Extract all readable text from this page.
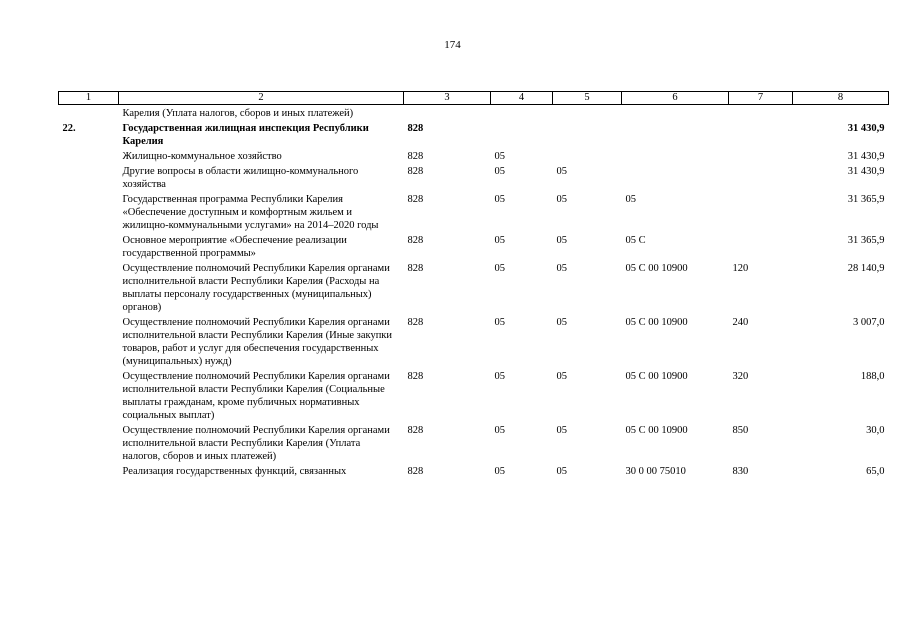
174
1	2	3	4	5	6	7	8
	Карелия (Уплата налогов, сборов и иных платежей)						
22.	Государственная жилищная инспекция Республики Карелия	828					31 430,9
	Жилищно-коммунальное хозяйство	828	05				31 430,9
	Другие вопросы в области жилищно-коммунального хозяйства	828	05	05			31 430,9
	Государственная программа Республики Карелия «Обеспечение доступным и комфортным жильем и жилищно-коммунальными услугами» на 2014–2020 годы	828	05	05	05		31 365,9
	Основное мероприятие «Обеспечение реализации государственной программы»	828	05	05	05 С		31 365,9
	Осуществление полномочий Республики Карелия органами исполнительной власти Республики Карелия (Расходы на выплаты персоналу государственных (муниципальных) органов)	828	05	05	05 С 00 10900	120	28 140,9
	Осуществление полномочий Республики Карелия органами исполнительной власти Республики Карелия (Иные закупки товаров, работ и услуг для обеспечения государственных (муниципальных) нужд)	828	05	05	05 С 00 10900	240	3 007,0
	Осуществление полномочий Республики Карелия органами исполнительной власти Республики Карелия (Социальные выплаты гражданам, кроме публичных нормативных социальных выплат)	828	05	05	05 С 00 10900	320	188,0
	Осуществление полномочий Республики Карелия органами исполнительной власти Республики Карелия (Уплата налогов, сборов и иных платежей)	828	05	05	05 С 00 10900	850	30,0
	Реализация государственных функций, связанных	828	05	05	30 0 00 75010	830	65,0
